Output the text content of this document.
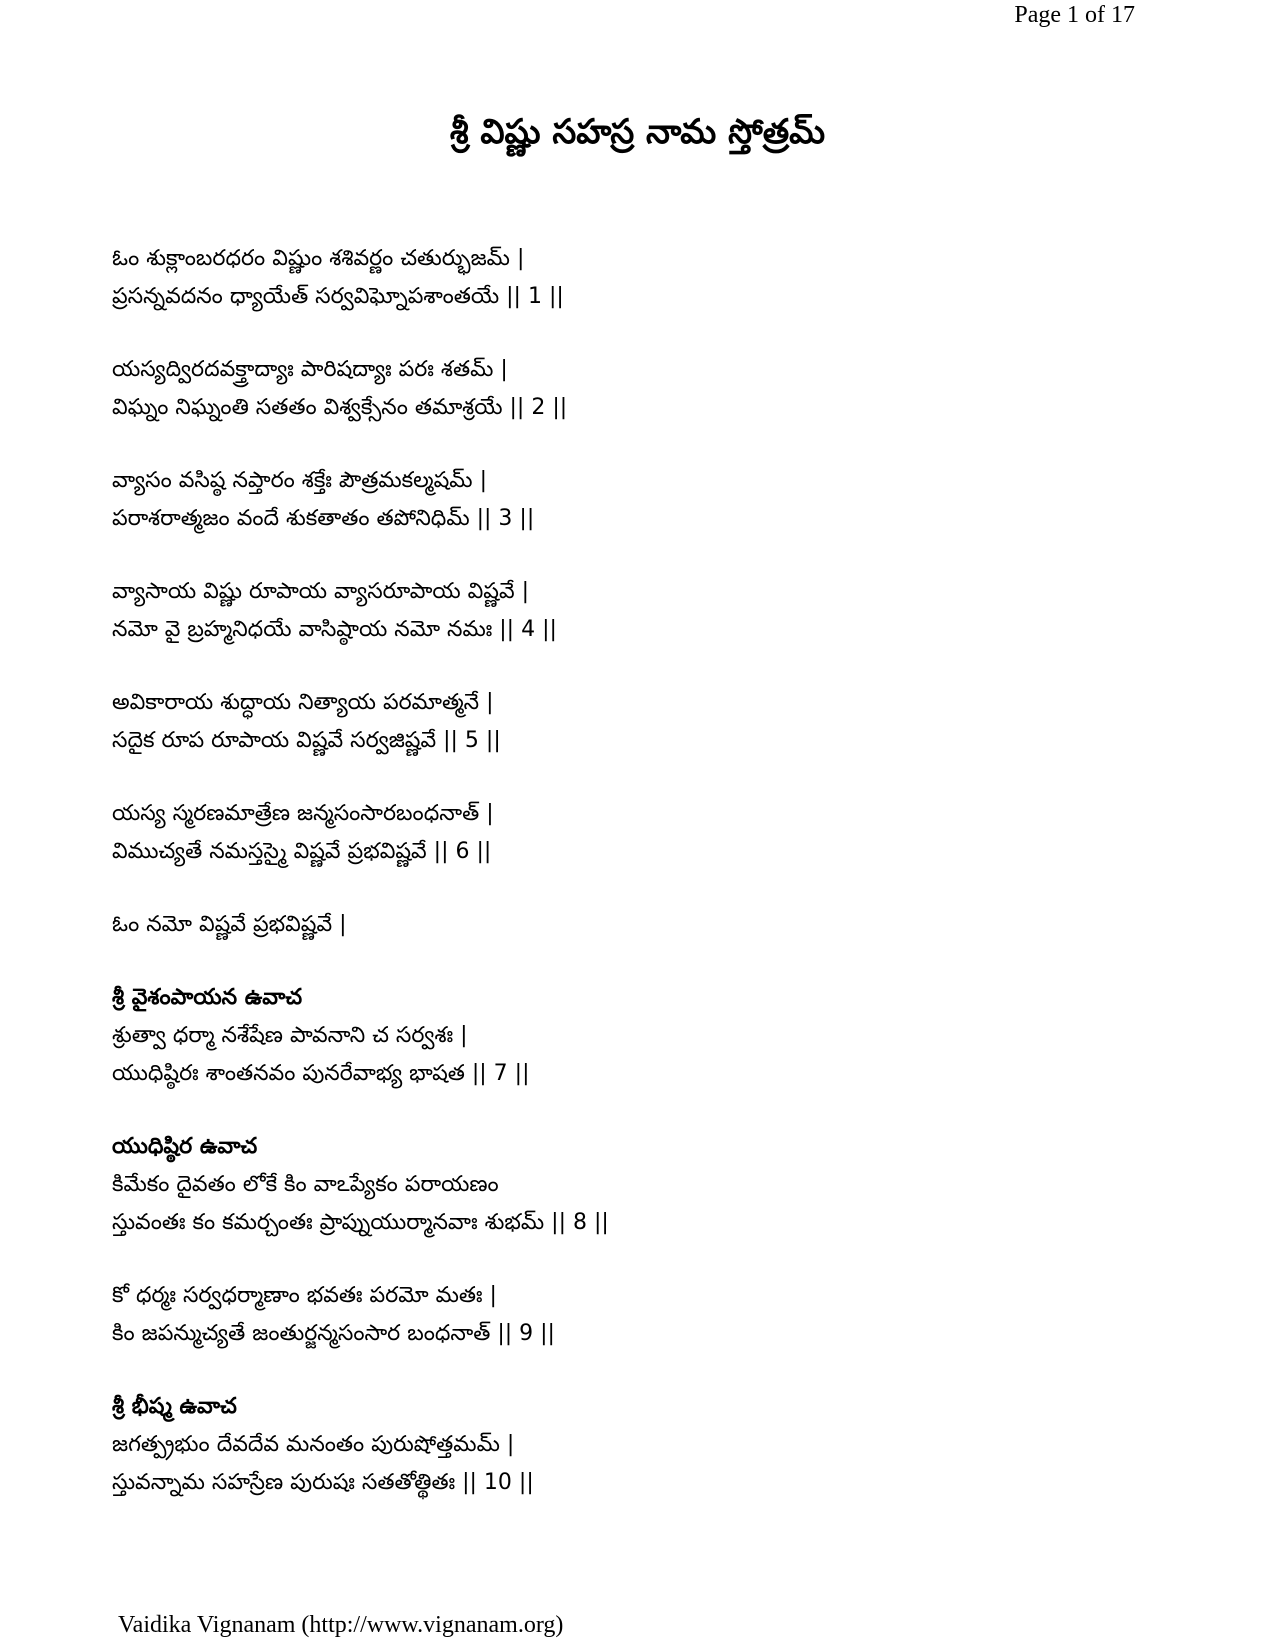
Page 1 of 17
శ్రీ విష్ణు సహస్ర నామ స్తోత్రమ్
ఓం శుక్లాంబరధరం విష్ణుం శశివర్ణం చతుర్భుజమ్ |
ప్రసన్నవదనం ధ్యాయేత్ సర్వవిఘ్నోపశాంతయే || 1 ||
యస్యద్విరదవక్త్రాద్యాః పారిషద్యాః పరః శతమ్ |
విఘ్నం నిఘ్నంతి సతతం విశ్వక్సేనం తమాశ్రయే || 2 ||
వ్యాసం వసిష్ఠ నప్తారం శక్తేః పౌత్రమకల్మషమ్ |
పరాశరాత్మజం వందే శుకతాతం తపోనిధిమ్ || 3 ||
వ్యాసాయ విష్ణు రూపాయ వ్యాసరూపాయ విష్ణవే |
నమో వై బ్రహ్మనిధయే వాసిష్ఠాయ నమో నమః || 4 ||
అవికారాయ శుద్ధాయ నిత్యాయ పరమాత్మనే |
సదైక రూప రూపాయ విష్ణవే సర్వజిష్ణవే || 5 ||
యస్య స్మరణమాత్రేణ జన్మసంసారబంధనాత్ |
విముచ్యతే నమస్తస్మై విష్ణవే ప్రభవిష్ణవే || 6 ||
ఓం నమో విష్ణవే ప్రభవిష్ణవే |
శ్రీ వైశంపాయన ఉవాచ
శ్రుత్వా ధర్మా నశేషేణ పావనాని చ సర్వశః |
యుధిష్ఠిరః శాంతనవం పునరేవాభ్య భాషత || 7 ||
యుధిష్ఠిర ఉవాచ
కిమేకం దైవతం లోకే కిం వాఽప్యేకం పరాయణం
స్తువంతః కం కమర్చంతః ప్రాప్నుయుర్మానవాః శుభమ్ || 8 ||
కో ధర్మః సర్వధర్మాణాం భవతః పరమో మతః |
కిం జపన్ముచ్యతే జంతుర్జన్మసంసార బంధనాత్ || 9 ||
శ్రీ భీష్మ ఉవాచ
జగత్ప్రభుం దేవదేవ మనంతం పురుషోత్తమమ్ |
స్తువన్నామ సహస్రేణ పురుషః సతతోత్థితః || 10 ||
Vaidika Vignanam (http://www.vignanam.org)
